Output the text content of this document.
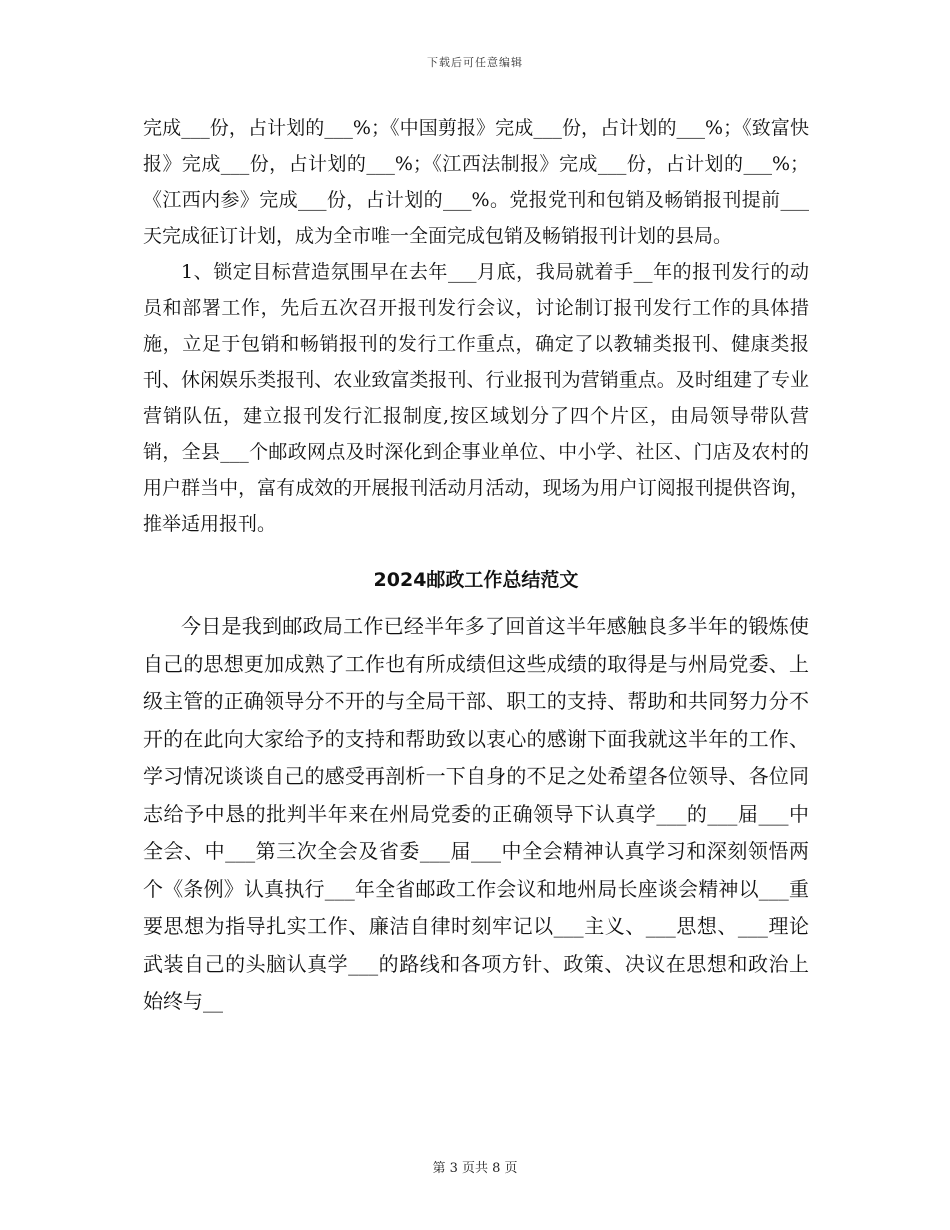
下载后可任意编辑

完成___份，占计划的___%；《中国剪报》完成___份，占计划的___%；《致富快报》完成___份，占计划的___%；《江西法制报》完成___份，占计划的___%；《江西内参》完成___份，占计划的___%。党报党刊和包销及畅销报刊提前___天完成征订计划，成为全市唯一全面完成包销及畅销报刊计划的县局。

1、锁定目标营造氛围早在去年___月底，我局就着手__年的报刊发行的动员和部署工作，先后五次召开报刊发行会议，讨论制订报刊发行工作的具体措施，立足于包销和畅销报刊的发行工作重点，确定了以教辅类报刊、健康类报刊、休闲娱乐类报刊、农业致富类报刊、行业报刊为营销重点。及时组建了专业营销队伍，建立报刊发行汇报制度,按区域划分了四个片区，由局领导带队营销，全县___个邮政网点及时深化到企事业单位、中小学、社区、门店及农村的用户群当中，富有成效的开展报刊活动月活动，现场为用户订阅报刊提供咨询，推举适用报刊。

2024邮政工作总结范文

今日是我到邮政局工作已经半年多了回首这半年感触良多半年的锻炼使自己的思想更加成熟了工作也有所成绩但这些成绩的取得是与州局党委、上级主管的正确领导分不开的与全局干部、职工的支持、帮助和共同努力分不开的在此向大家给予的支持和帮助致以衷心的感谢下面我就这半年的工作、学习情况谈谈自己的感受再剖析一下自身的不足之处希望各位领导、各位同志给予中恳的批判半年来在州局党委的正确领导下认真学___的___届___中全会、中___第三次全会及省委___届___中全会精神认真学习和深刻领悟两个《条例》认真执行___年全省邮政工作会议和地州局长座谈会精神以___重要思想为指导扎实工作、廉洁自律时刻牢记以___主义、___思想、___理论武装自己的头脑认真学___的路线和各项方针、政策、决议在思想和政治上始终与__

第 3 页共 8 页
